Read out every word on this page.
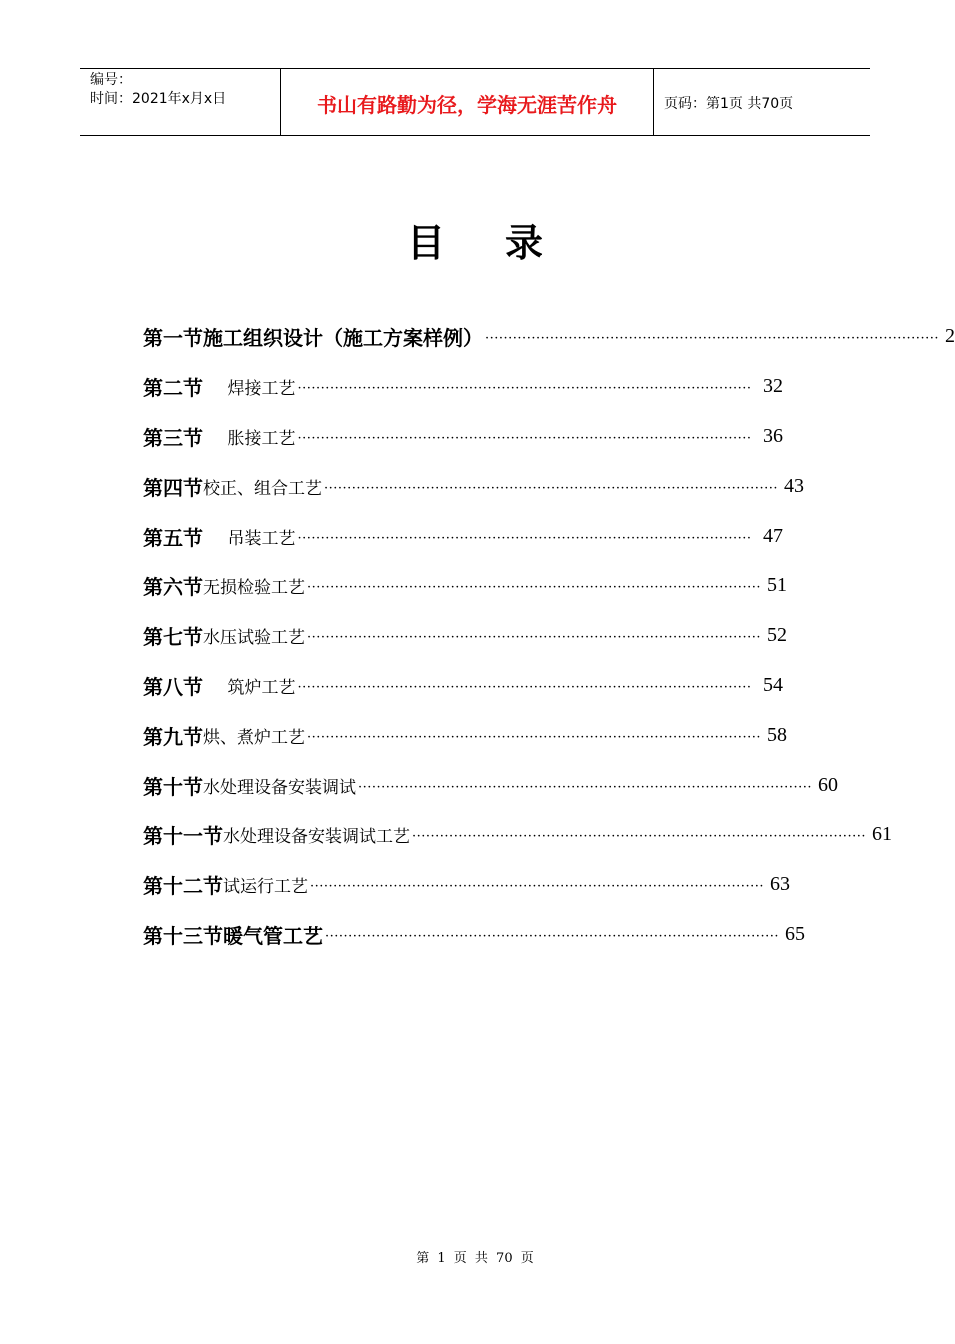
编号：
时间：2021年x月x日	书山有路勤为径，学海无涯苦作舟	页码：第1页 共70页
目录
第一节 施工组织设计（施工方案样例） ·································································································· 2
第二节	焊接工艺 ·································································································· 32
第三节	胀接工艺 ·································································································· 36
第四节 校正、组合工艺 ·································································································· 43
第五节	吊装工艺 ·································································································· 47
第六节 无损检验工艺 ·································································································· 51
第七节 水压试验工艺 ·································································································· 52
第八节	筑炉工艺 ·································································································· 54
第九节 烘、煮炉工艺 ·································································································· 58
第十节 水处理设备安装调试 ·································································································· 60
第十一节 水处理设备安装调试工艺 ·································································································· 61
第十二节 试运行工艺 ·································································································· 63
第十三节 暖气管工艺 ·································································································· 65
第 1 页 共 70 页
